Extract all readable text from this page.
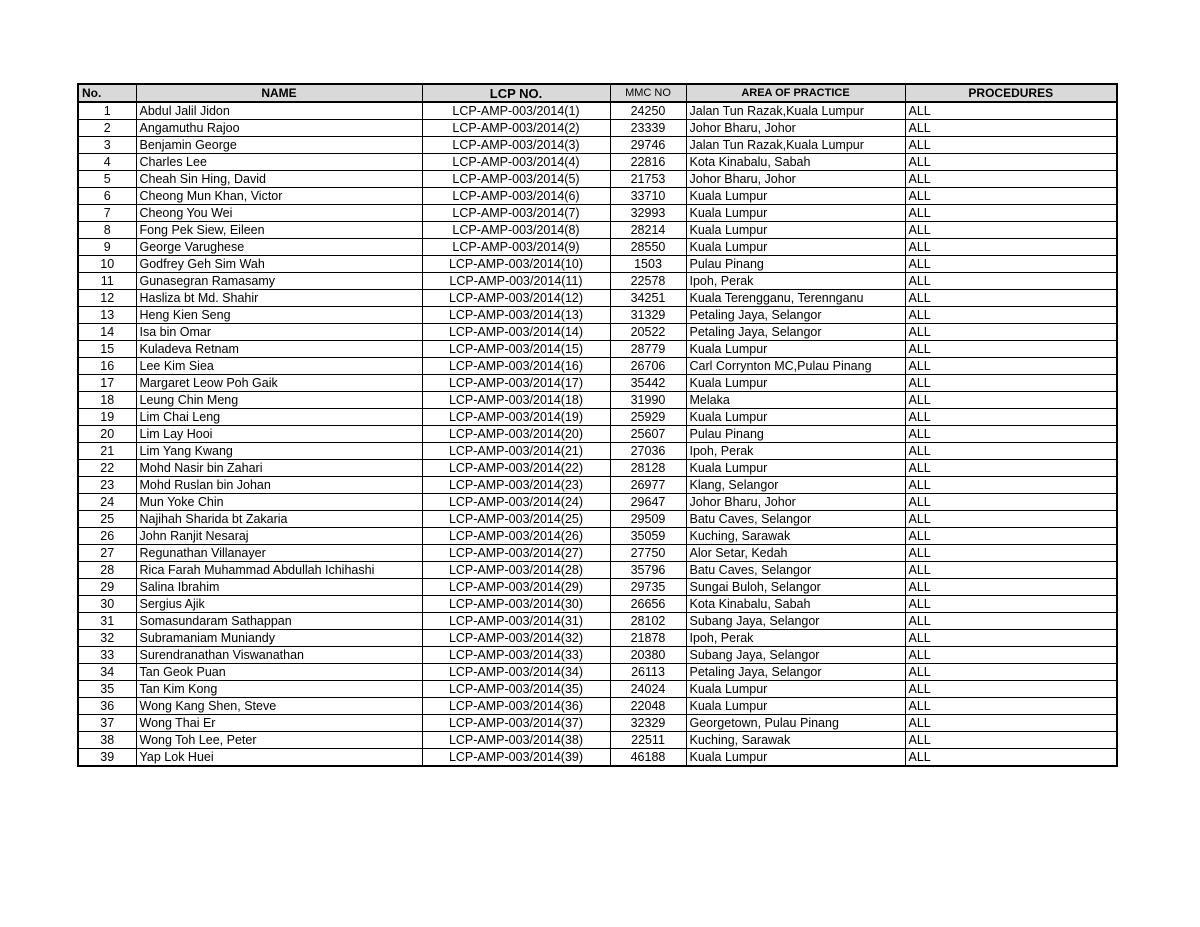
No.	NAME	LCP NO.	MMC NO	AREA OF PRACTICE	PROCEDURES
1	Abdul Jalil Jidon	LCP-AMP-003/2014(1)	24250	Jalan Tun Razak,Kuala Lumpur	ALL
2	Angamuthu Rajoo	LCP-AMP-003/2014(2)	23339	Johor Bharu, Johor	ALL
3	Benjamin George	LCP-AMP-003/2014(3)	29746	Jalan Tun Razak,Kuala Lumpur	ALL
4	Charles Lee	LCP-AMP-003/2014(4)	22816	Kota Kinabalu, Sabah	ALL
5	Cheah Sin Hing, David	LCP-AMP-003/2014(5)	21753	Johor Bharu, Johor	ALL
6	Cheong Mun Khan, Victor	LCP-AMP-003/2014(6)	33710	Kuala Lumpur	ALL
7	Cheong You Wei	LCP-AMP-003/2014(7)	32993	Kuala Lumpur	ALL
8	Fong Pek Siew, Eileen	LCP-AMP-003/2014(8)	28214	Kuala Lumpur	ALL
9	George Varughese	LCP-AMP-003/2014(9)	28550	Kuala Lumpur	ALL
10	Godfrey Geh Sim Wah	LCP-AMP-003/2014(10)	1503	Pulau Pinang	ALL
11	Gunasegran Ramasamy	LCP-AMP-003/2014(11)	22578	Ipoh, Perak	ALL
12	Hasliza bt Md. Shahir	LCP-AMP-003/2014(12)	34251	Kuala Terengganu, Terennganu	ALL
13	Heng Kien Seng	LCP-AMP-003/2014(13)	31329	Petaling Jaya, Selangor	ALL
14	Isa bin Omar	LCP-AMP-003/2014(14)	20522	Petaling Jaya, Selangor	ALL
15	Kuladeva Retnam	LCP-AMP-003/2014(15)	28779	Kuala Lumpur	ALL
16	Lee Kim Siea	LCP-AMP-003/2014(16)	26706	Carl Corrynton MC,Pulau Pinang	ALL
17	Margaret Leow Poh Gaik	LCP-AMP-003/2014(17)	35442	Kuala Lumpur	ALL
18	Leung Chin Meng	LCP-AMP-003/2014(18)	31990	Melaka	ALL
19	Lim Chai Leng	LCP-AMP-003/2014(19)	25929	Kuala Lumpur	ALL
20	Lim Lay Hooi	LCP-AMP-003/2014(20)	25607	Pulau Pinang	ALL
21	Lim Yang Kwang	LCP-AMP-003/2014(21)	27036	Ipoh, Perak	ALL
22	Mohd Nasir bin Zahari	LCP-AMP-003/2014(22)	28128	Kuala Lumpur	ALL
23	Mohd Ruslan bin Johan	LCP-AMP-003/2014(23)	26977	Klang, Selangor	ALL
24	Mun Yoke Chin	LCP-AMP-003/2014(24)	29647	Johor Bharu, Johor	ALL
25	Najihah Sharida bt Zakaria	LCP-AMP-003/2014(25)	29509	Batu Caves, Selangor	ALL
26	John Ranjit Nesaraj	LCP-AMP-003/2014(26)	35059	Kuching, Sarawak	ALL
27	Regunathan Villanayer	LCP-AMP-003/2014(27)	27750	Alor Setar, Kedah	ALL
28	Rica Farah Muhammad Abdullah Ichihashi	LCP-AMP-003/2014(28)	35796	Batu Caves, Selangor	ALL
29	Salina Ibrahim	LCP-AMP-003/2014(29)	29735	Sungai Buloh, Selangor	ALL
30	Sergius Ajik	LCP-AMP-003/2014(30)	26656	Kota Kinabalu, Sabah	ALL
31	Somasundaram Sathappan	LCP-AMP-003/2014(31)	28102	Subang Jaya, Selangor	ALL
32	Subramaniam Muniandy	LCP-AMP-003/2014(32)	21878	Ipoh, Perak	ALL
33	Surendranathan Viswanathan	LCP-AMP-003/2014(33)	20380	Subang Jaya, Selangor	ALL
34	Tan Geok Puan	LCP-AMP-003/2014(34)	26113	Petaling Jaya, Selangor	ALL
35	Tan Kim Kong	LCP-AMP-003/2014(35)	24024	Kuala Lumpur	ALL
36	Wong Kang Shen, Steve	LCP-AMP-003/2014(36)	22048	Kuala Lumpur	ALL
37	Wong Thai Er	LCP-AMP-003/2014(37)	32329	Georgetown, Pulau Pinang	ALL
38	Wong Toh Lee, Peter	LCP-AMP-003/2014(38)	22511	Kuching, Sarawak	ALL
39	Yap Lok Huei	LCP-AMP-003/2014(39)	46188	Kuala Lumpur	ALL
